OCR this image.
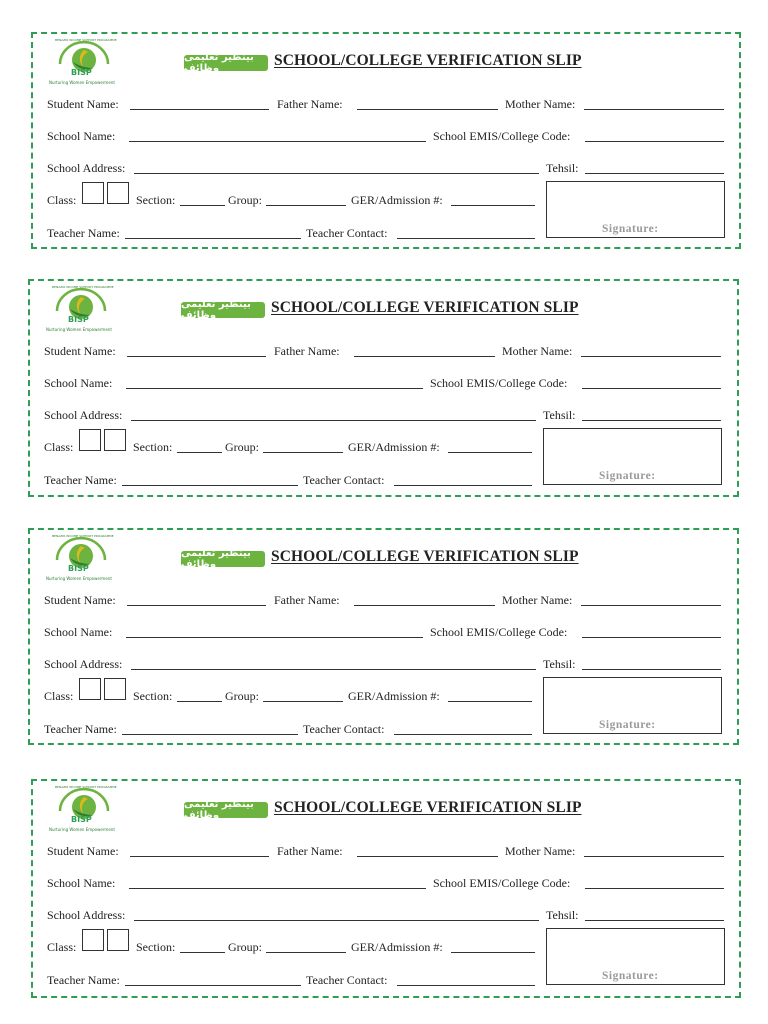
BISP
Nurturing Women Empowerment
BENAZIR INCOME SUPPORT PROGRAMME
بینظیر تعلیمی وظائف	SCHOOL/COLLEGE VERIFICATION SLIP
Student Name:	Father Name:	Mother Name:
School Name:	School EMIS/College Code:
School Address:	Tehsil:
Class:	Section:	Group:	GER/Admission #:
Teacher Name:	Teacher Contact:	Signature:
BISP
Nurturing Women Empowerment
BENAZIR INCOME SUPPORT PROGRAMME
بینظیر تعلیمی وظائف	SCHOOL/COLLEGE VERIFICATION SLIP
Student Name:	Father Name:	Mother Name:
School Name:	School EMIS/College Code:
School Address:	Tehsil:
Class:	Section:	Group:	GER/Admission #:
Teacher Name:	Teacher Contact:	Signature:
BISP
Nurturing Women Empowerment
BENAZIR INCOME SUPPORT PROGRAMME
بینظیر تعلیمی وظائف	SCHOOL/COLLEGE VERIFICATION SLIP
Student Name:	Father Name:	Mother Name:
School Name:	School EMIS/College Code:
School Address:	Tehsil:
Class:	Section:	Group:	GER/Admission #:
Teacher Name:	Teacher Contact:	Signature:
BISP
Nurturing Women Empowerment
BENAZIR INCOME SUPPORT PROGRAMME
بینظیر تعلیمی وظائف	SCHOOL/COLLEGE VERIFICATION SLIP
Student Name:	Father Name:	Mother Name:
School Name:	School EMIS/College Code:
School Address:	Tehsil:
Class:	Section:	Group:	GER/Admission #:
Teacher Name:	Teacher Contact:	Signature:
